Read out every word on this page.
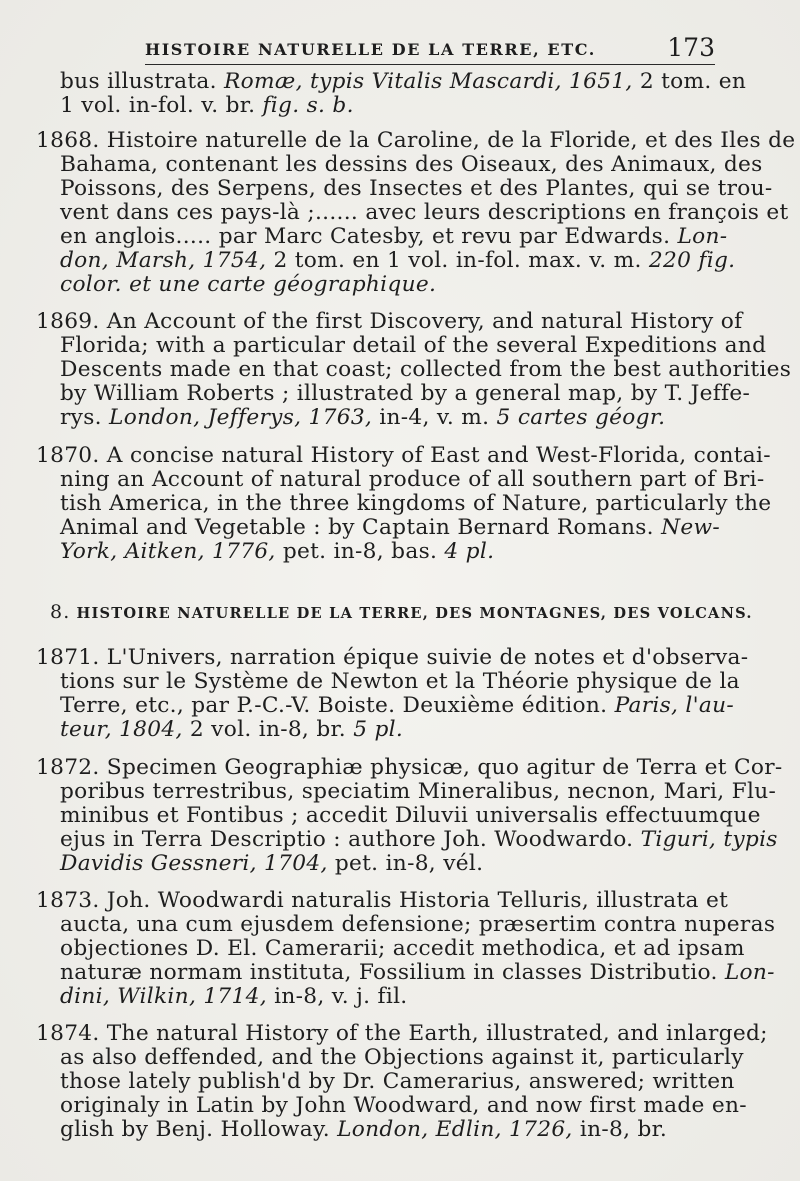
HISTOIRE NATURELLE DE LA TERRE, ETC.	173
bus illustrata. Romæ, typis Vitalis Mascardi, 1651, 2 tom. en
1 vol. in-fol. v. br. fig. s. b.
1868. Histoire naturelle de la Caroline, de la Floride, et des Iles de
Bahama, contenant les dessins des Oiseaux, des Animaux, des
Poissons, des Serpens, des Insectes et des Plantes, qui se trou-
vent dans ces pays-là ;...... avec leurs descriptions en françois et
en anglois..... par Marc Catesby, et revu par Edwards. Lon-
don, Marsh, 1754, 2 tom. en 1 vol. in-fol. max. v. m. 220 fig.
color. et une carte géographique.
1869. An Account of the first Discovery, and natural History of
Florida; with a particular detail of the several Expeditions and
Descents made en that coast; collected from the best authorities
by William Roberts ; illustrated by a general map, by T. Jeffe-
rys. London, Jefferys, 1763, in-4, v. m. 5 cartes géogr.
1870. A concise natural History of East and West-Florida, contai-
ning an Account of natural produce of all southern part of Bri-
tish America, in the three kingdoms of Nature, particularly the
Animal and Vegetable : by Captain Bernard Romans. New-
York, Aitken, 1776, pet. in-8, bas. 4 pl.
8. HISTOIRE NATURELLE DE LA TERRE, DES MONTAGNES, DES VOLCANS.
1871. L'Univers, narration épique suivie de notes et d'observa-
tions sur le Système de Newton et la Théorie physique de la
Terre, etc., par P.-C.-V. Boiste. Deuxième édition. Paris, l'au-
teur, 1804, 2 vol. in-8, br. 5 pl.
1872. Specimen Geographiæ physicæ, quo agitur de Terra et Cor-
poribus terrestribus, speciatim Mineralibus, necnon, Mari, Flu-
minibus et Fontibus ; accedit Diluvii universalis effectuumque
ejus in Terra Descriptio : authore Joh. Woodwardo. Tiguri, typis
Davidis Gessneri, 1704, pet. in-8, vél.
1873. Joh. Woodwardi naturalis Historia Telluris, illustrata et
aucta, una cum ejusdem defensione; præsertim contra nuperas
objectiones D. El. Camerarii; accedit methodica, et ad ipsam
naturæ normam instituta, Fossilium in classes Distributio. Lon-
dini, Wilkin, 1714, in-8, v. j. fil.
1874. The natural History of the Earth, illustrated, and inlarged;
as also deffended, and the Objections against it, particularly
those lately publish'd by Dr. Camerarius, answered; written
originaly in Latin by John Woodward, and now first made en-
glish by Benj. Holloway. London, Edlin, 1726, in-8, br.
